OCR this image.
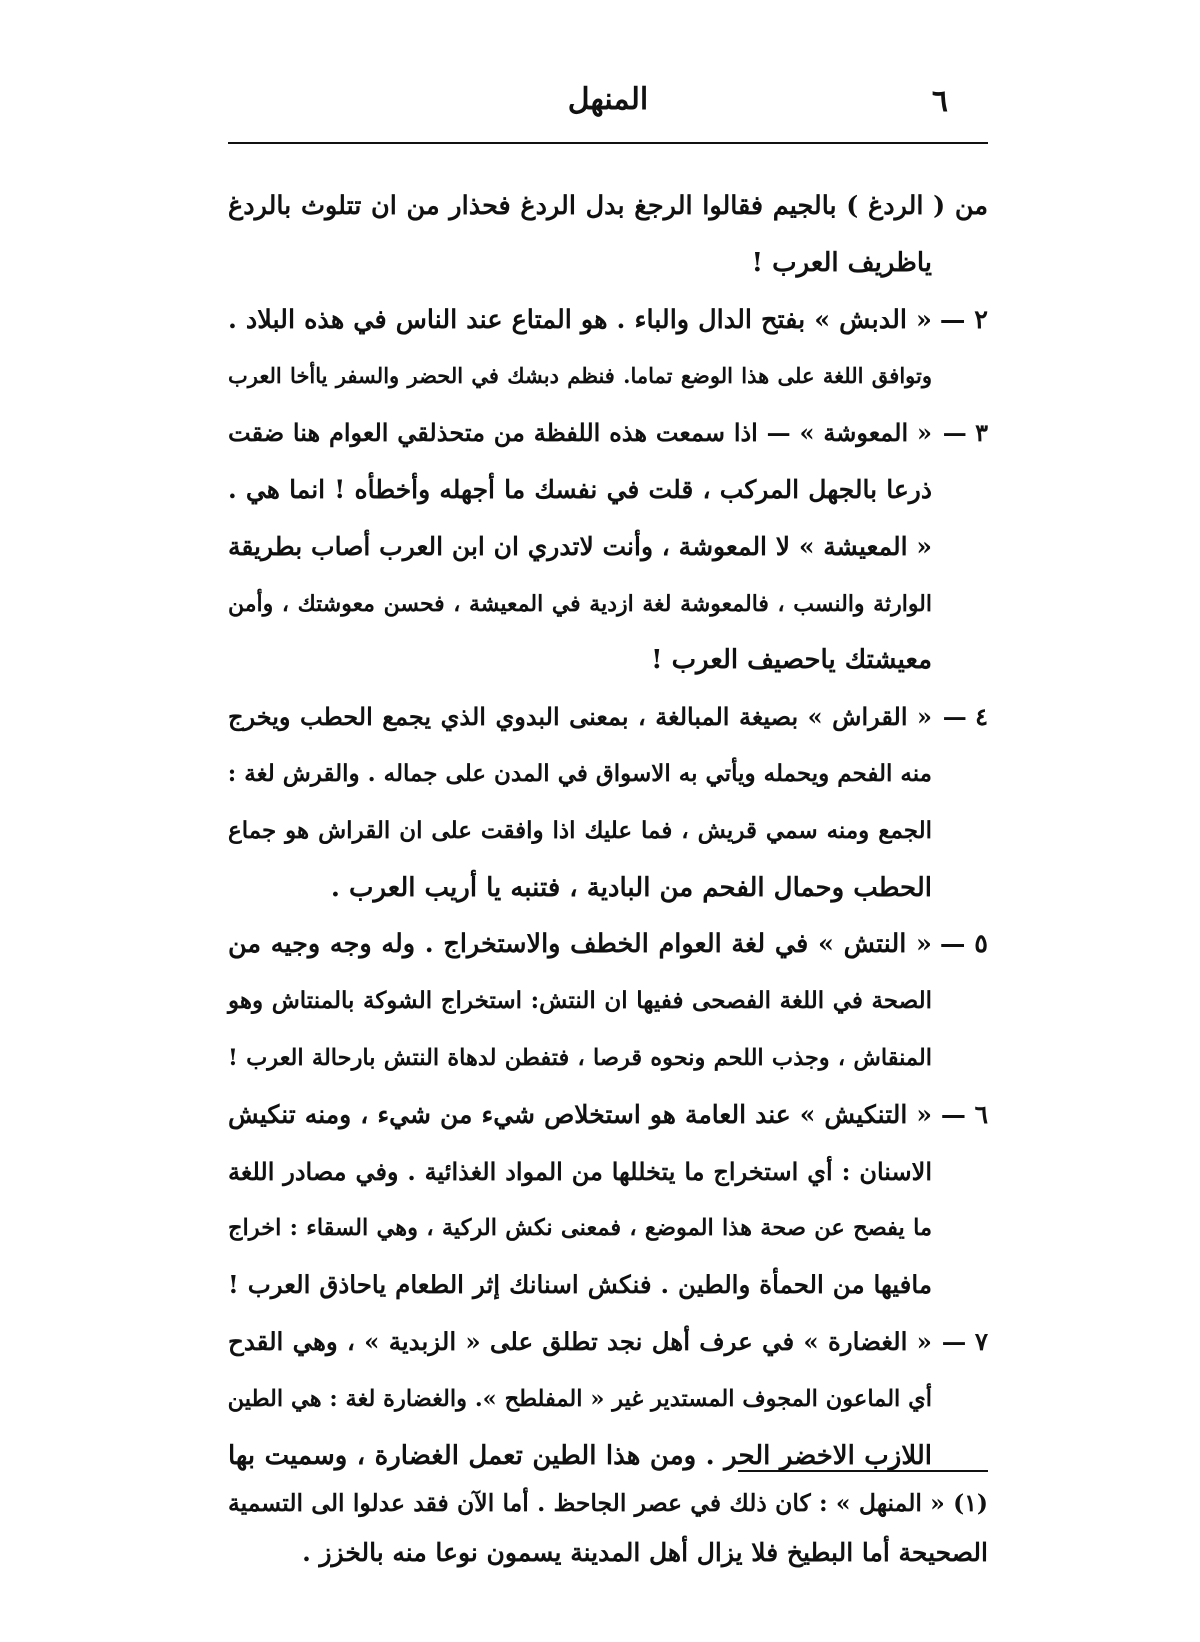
٦
المنهل
من ( الردغ ) بالجيم فقالوا الرجغ بدل الردغ فحذار من ان تتلوث بالردغ
ياظريف العرب !
٢ —
« الدبش » بفتح الدال والباء . هو المتاع عند الناس في هذه البلاد .
وتوافق اللغة على هذا الوضع تماما. فنظم دبشك في الحضر والسفر ياأخا العرب
٣ —
« المعوشة » — اذا سمعت هذه اللفظة من متحذلقي العوام هنا ضقت
ذرعا بالجهل المركب ، قلت في نفسك ما أجهله وأخطأه ! انما هي .
« المعيشة » لا المعوشة ، وأنت لاتدري ان ابن العرب أصاب بطريقة
الوارثة والنسب ، فالمعوشة لغة ازدية في المعيشة ، فحسن معوشتك ، وأمن
معيشتك ياحصيف العرب !
٤ —
« القراش » بصيغة المبالغة ، بمعنى البدوي الذي يجمع الحطب ويخرج
منه الفحم ويحمله ويأتي به الاسواق في المدن على جماله . والقرش لغة :
الجمع ومنه سمي قريش ، فما عليك اذا وافقت على ان القراش هو جماع
الحطب وحمال الفحم من البادية ، فتنبه يا أريب العرب .
٥ —
« النتش » في لغة العوام الخطف والاستخراج . وله وجه وجيه من
الصحة في اللغة الفصحى ففيها ان النتش: استخراج الشوكة بالمنتاش وهو
المنقاش ، وجذب اللحم ونحوه قرصا ، فتفطن لدهاة النتش بارحالة العرب !
٦ —
« التنكيش » عند العامة هو استخلاص شيء من شيء ، ومنه تنكيش
الاسنان : أي استخراج ما يتخللها من المواد الغذائية . وفي مصادر اللغة
ما يفصح عن صحة هذا الموضع ، فمعنى نكش الركية ، وهي السقاء : اخراج
مافيها من الحمأة والطين . فنكش اسنانك إثر الطعام ياحاذق العرب !
٧ —
« الغضارة » في عرف أهل نجد تطلق على « الزبدية » ، وهي القدح
أي الماعون المجوف المستدير غير « المفلطح ». والغضارة لغة : هي الطين
اللازب الاخضر الحر . ومن هذا الطين تعمل الغضارة ، وسميت بها
(١) « المنهل » : كان ذلك في عصر الجاحظ . أما الآن فقد عدلوا الى التسمية
الصحيحة أما البطيخ فلا يزال أهل المدينة يسمون نوعا منه بالخزز .
